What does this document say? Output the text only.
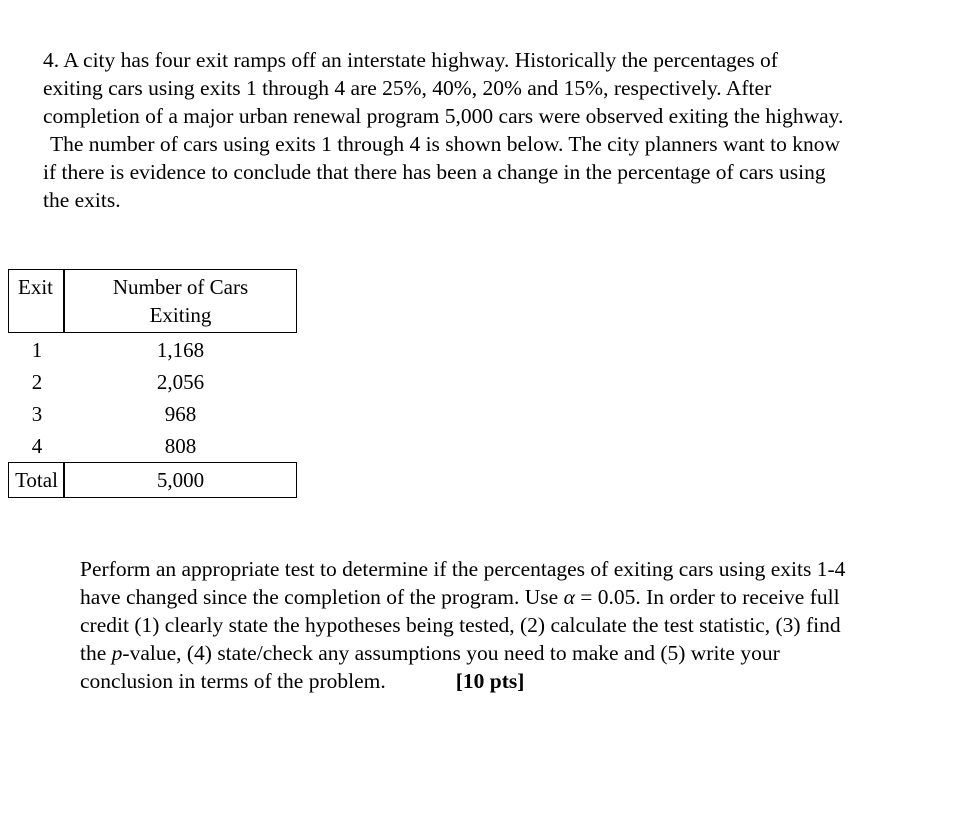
4. A city has four exit ramps off an interstate highway. Historically the percentages of
exiting cars using exits 1 through 4 are 25%, 40%, 20% and 15%, respectively. After
completion of a major urban renewal program 5,000 cars were observed exiting the highway.
The number of cars using exits 1 through 4 is shown below. The city planners want to know
if there is evidence to conclude that there has been a change in the percentage of cars using
the exits.
Exit	Number of Cars
Exiting
1	1,168
2	2,056
3	968
4	808
Total	5,000
Perform an appropriate test to determine if the percentages of exiting cars using exits 1-4
have changed since the completion of the program. Use α = 0.05. In order to receive full
credit (1) clearly state the hypotheses being tested, (2) calculate the test statistic, (3) find
the p-value, (4) state/check any assumptions you need to make and (5) write your
conclusion in terms of the problem.	[10 pts]
